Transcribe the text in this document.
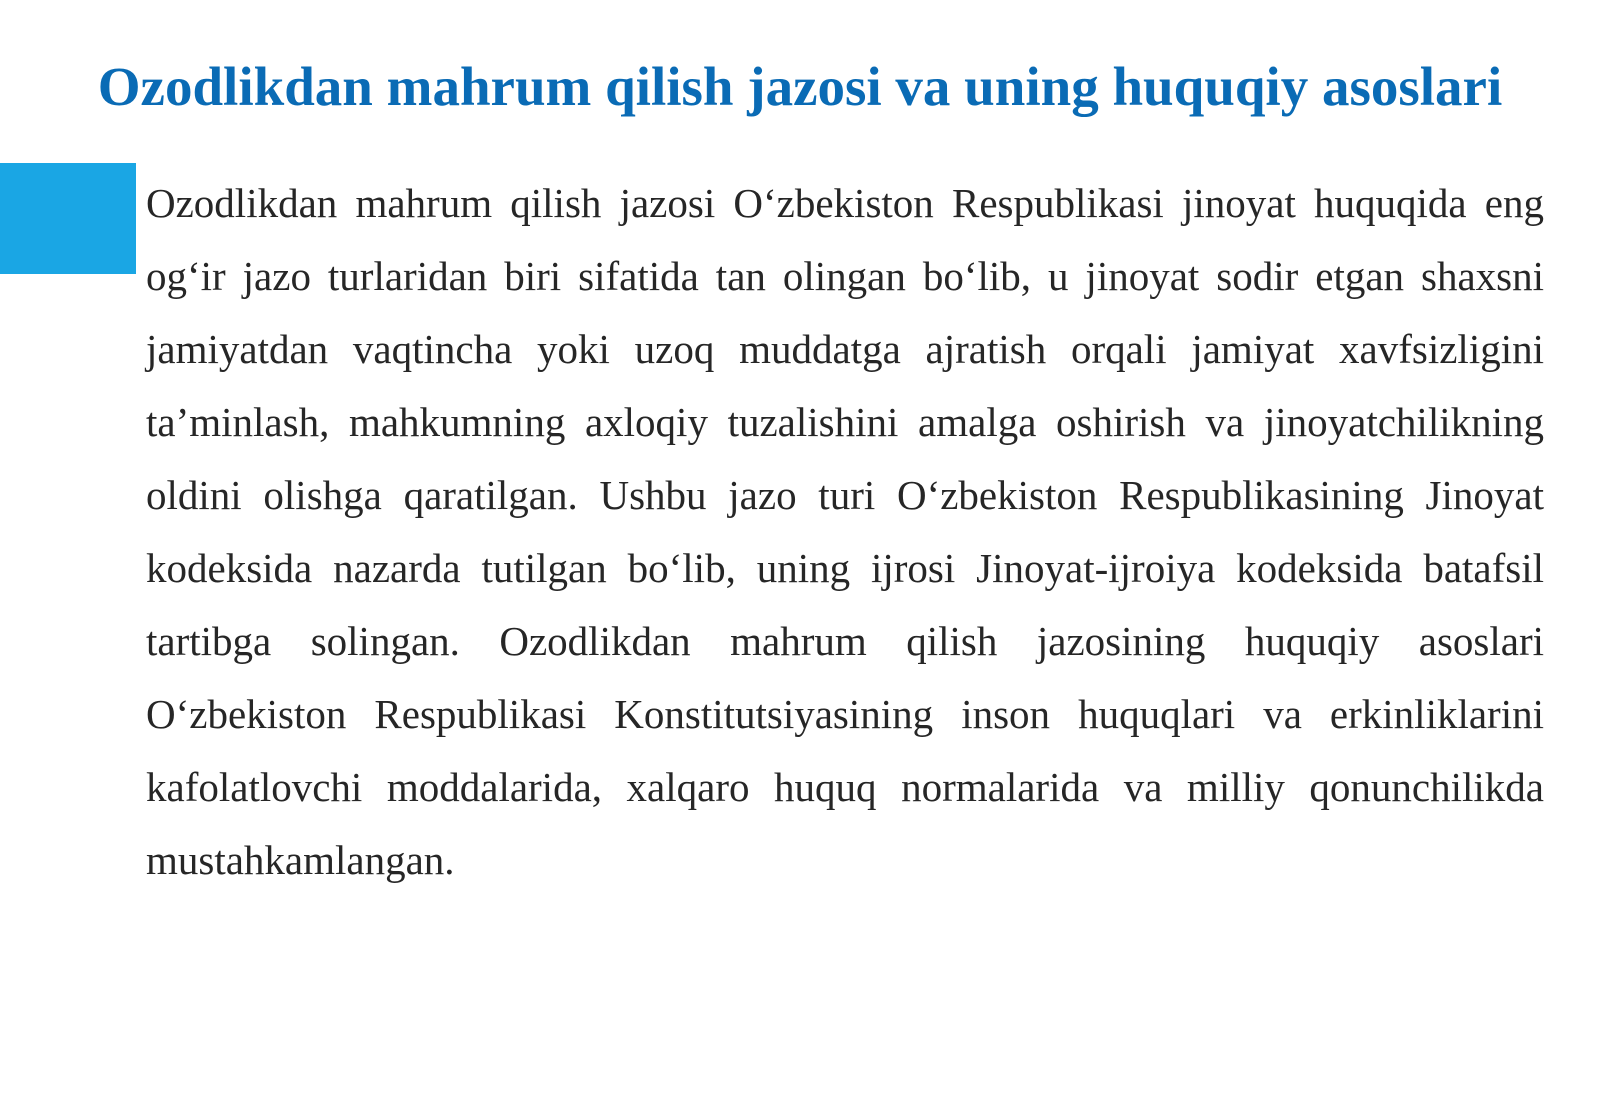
Ozodlikdan mahrum qilish jazosi va uning huquqiy asoslari

Ozodlikdan mahrum qilish jazosi O‘zbekiston Respublikasi jinoyat huquqida eng og‘ir jazo turlaridan biri sifatida tan olingan bo‘lib, u jinoyat sodir etgan shaxsni jamiyatdan vaqtincha yoki uzoq muddatga ajratish orqali jamiyat xavfsizligini ta’minlash, mahkumning axloqiy tuzalishini amalga oshirish va jinoyatchilikning oldini olishga qaratilgan. Ushbu jazo turi O‘zbekiston Respublikasining Jinoyat kodeksida nazarda tutilgan bo‘lib, uning ijrosi Jinoyat-ijroiya kodeksida batafsil tartibga solingan. Ozodlikdan mahrum qilish jazosining huquqiy asoslari O‘zbekiston Respublikasi Konstitutsiyasining inson huquqlari va erkinliklarini kafolatlovchi moddalarida, xalqaro huquq normalarida va milliy qonunchilikda mustahkamlangan.
